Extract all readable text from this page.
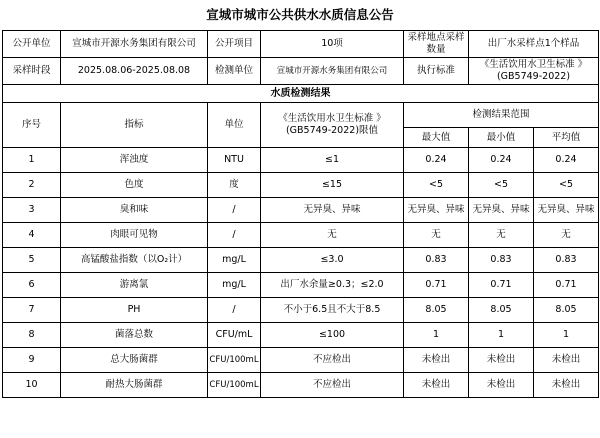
宣城市城市公共供水水质信息公告
公开单位	宣城市开源水务集团有限公司	公开项目	10项	采样地点采样数量	出厂水采样点1个样品	
采样时段	2025.08.06-2025.08.08	检测单位	宣城市开源水务集团有限公司	执行标准	《生活饮用水卫生标准 》(GB5749-2022)	
水质检测结果						
序号	指标	单位	《生活饮用水卫生标准 》(GB5749-2022)限值	检测结果范围		
				最大值	最小值	平均值
1	浑浊度	NTU	≤1	0.24	0.24	0.24
2	色度	度	≤15	<5	<5	<5
3	臭和味	/	无异臭、异味	无异臭、异味	无异臭、异味	无异臭、异味
4	肉眼可见物	/	无	无	无	无
5	高锰酸盐指数（以O₂计）	mg/L	≤3.0	0.83	0.83	0.83
6	游离氯	mg/L	出厂水余量≥0.3；≤2.0	0.71	0.71	0.71
7	PH	/	不小于6.5且不大于8.5	8.05	8.05	8.05
8	菌落总数	CFU/mL	≤100	1	1	1
9	总大肠菌群	CFU/100mL	不应检出	未检出	未检出	未检出
10	耐热大肠菌群	CFU/100mL	不应检出	未检出	未检出	未检出
